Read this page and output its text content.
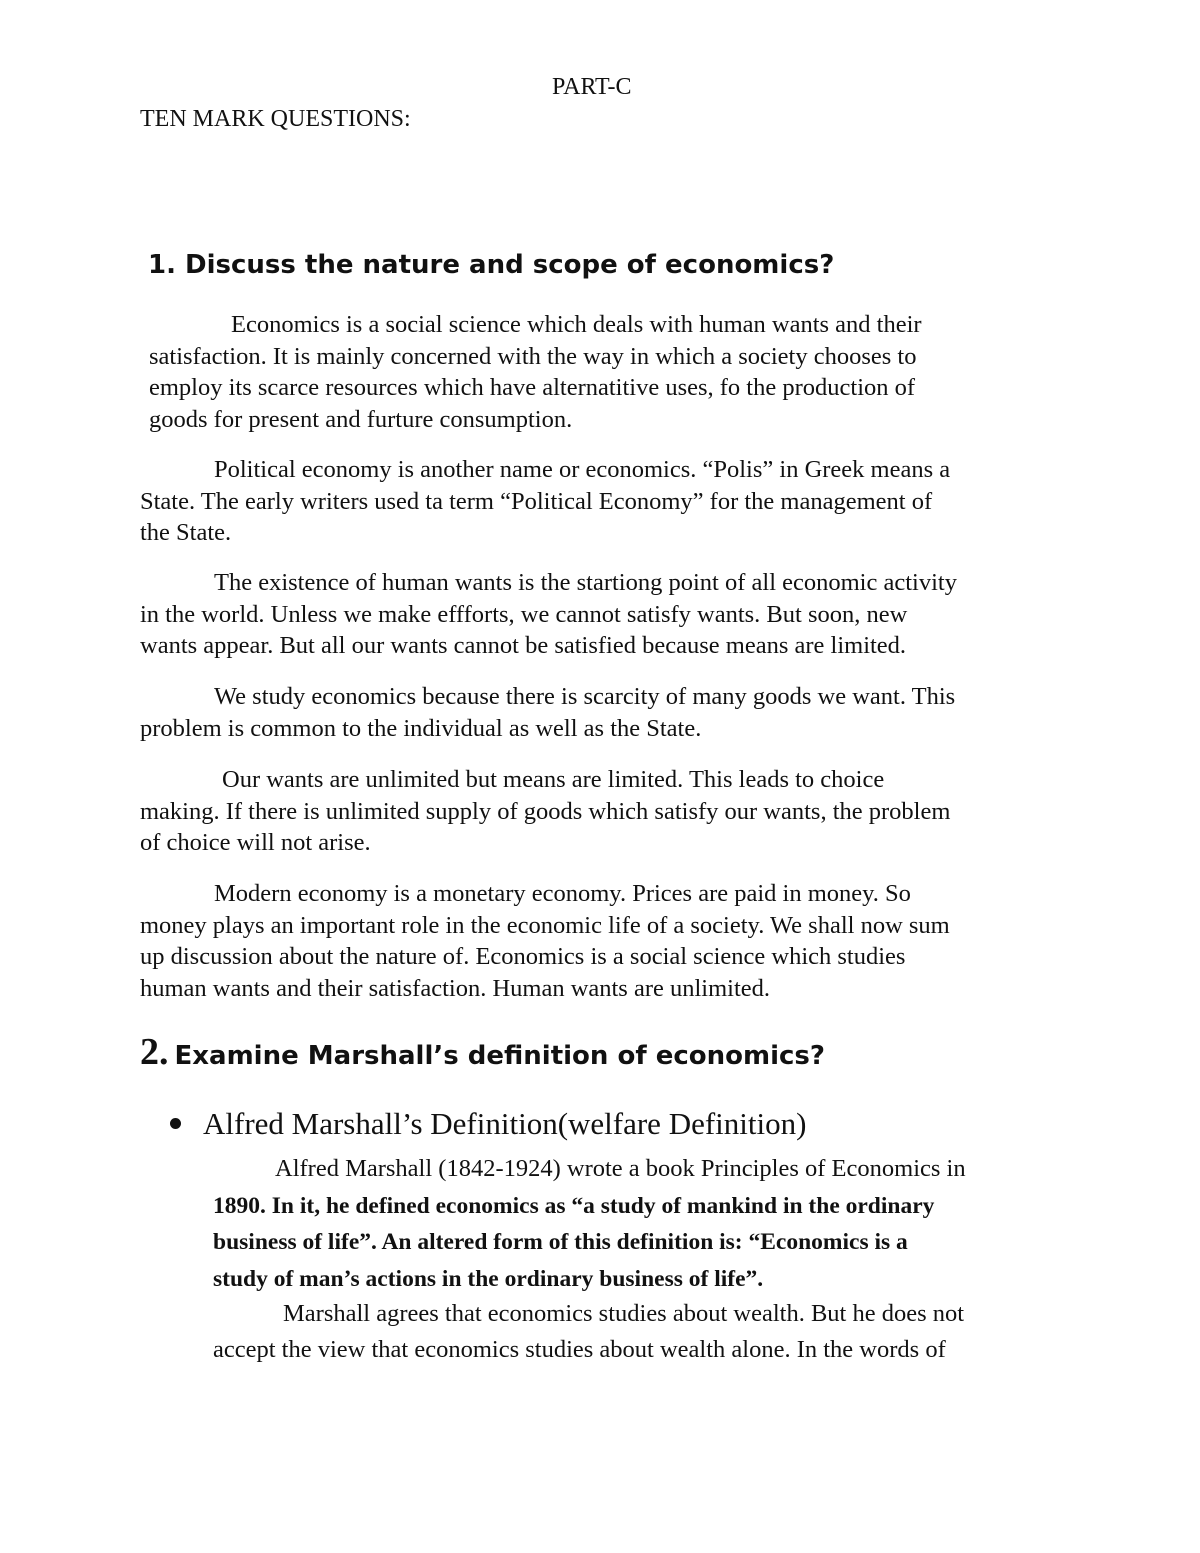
PART-C

TEN MARK QUESTIONS:

1. Discuss the nature and scope of economics?

Economics is a social science which deals with human wants and their
satisfaction. It is mainly concerned with the way in which a society chooses to
employ its scarce resources which have alternatitive uses, fo the production of
goods for present and furture consumption.

Political economy is another name or economics. “Polis” in Greek means a
State. The early writers used ta term “Political Economy” for the management of
the State.

The existence of human wants is the startiong point of all economic activity
in the world. Unless we make effforts, we cannot satisfy wants. But soon, new
wants appear. But all our wants cannot be satisfied because means are limited.

We study economics because there is scarcity of many goods we want. This
problem is common to the individual as well as the State.

Our wants are unlimited but means are limited. This leads to choice
making. If there is unlimited supply of goods which satisfy our wants, the problem
of choice will not arise.

Modern economy is a monetary economy. Prices are paid in money. So
money plays an important role in the economic life of a society. We shall now sum
up discussion about the nature of. Economics is a social science which studies
human wants and their satisfaction. Human wants are unlimited.

2. Examine Marshall’s definition of economics?
Alfred Marshall’s Definition(welfare Definition)

Alfred Marshall (1842-1924) wrote a book Principles of Economics in
1890. In it, he defined economics as “a study of mankind in the ordinary
business of life”. An altered form of this definition is: “Economics is a
study of man’s actions in the ordinary business of life”.

Marshall agrees that economics studies about wealth. But he does not
accept the view that economics studies about wealth alone. In the words of
